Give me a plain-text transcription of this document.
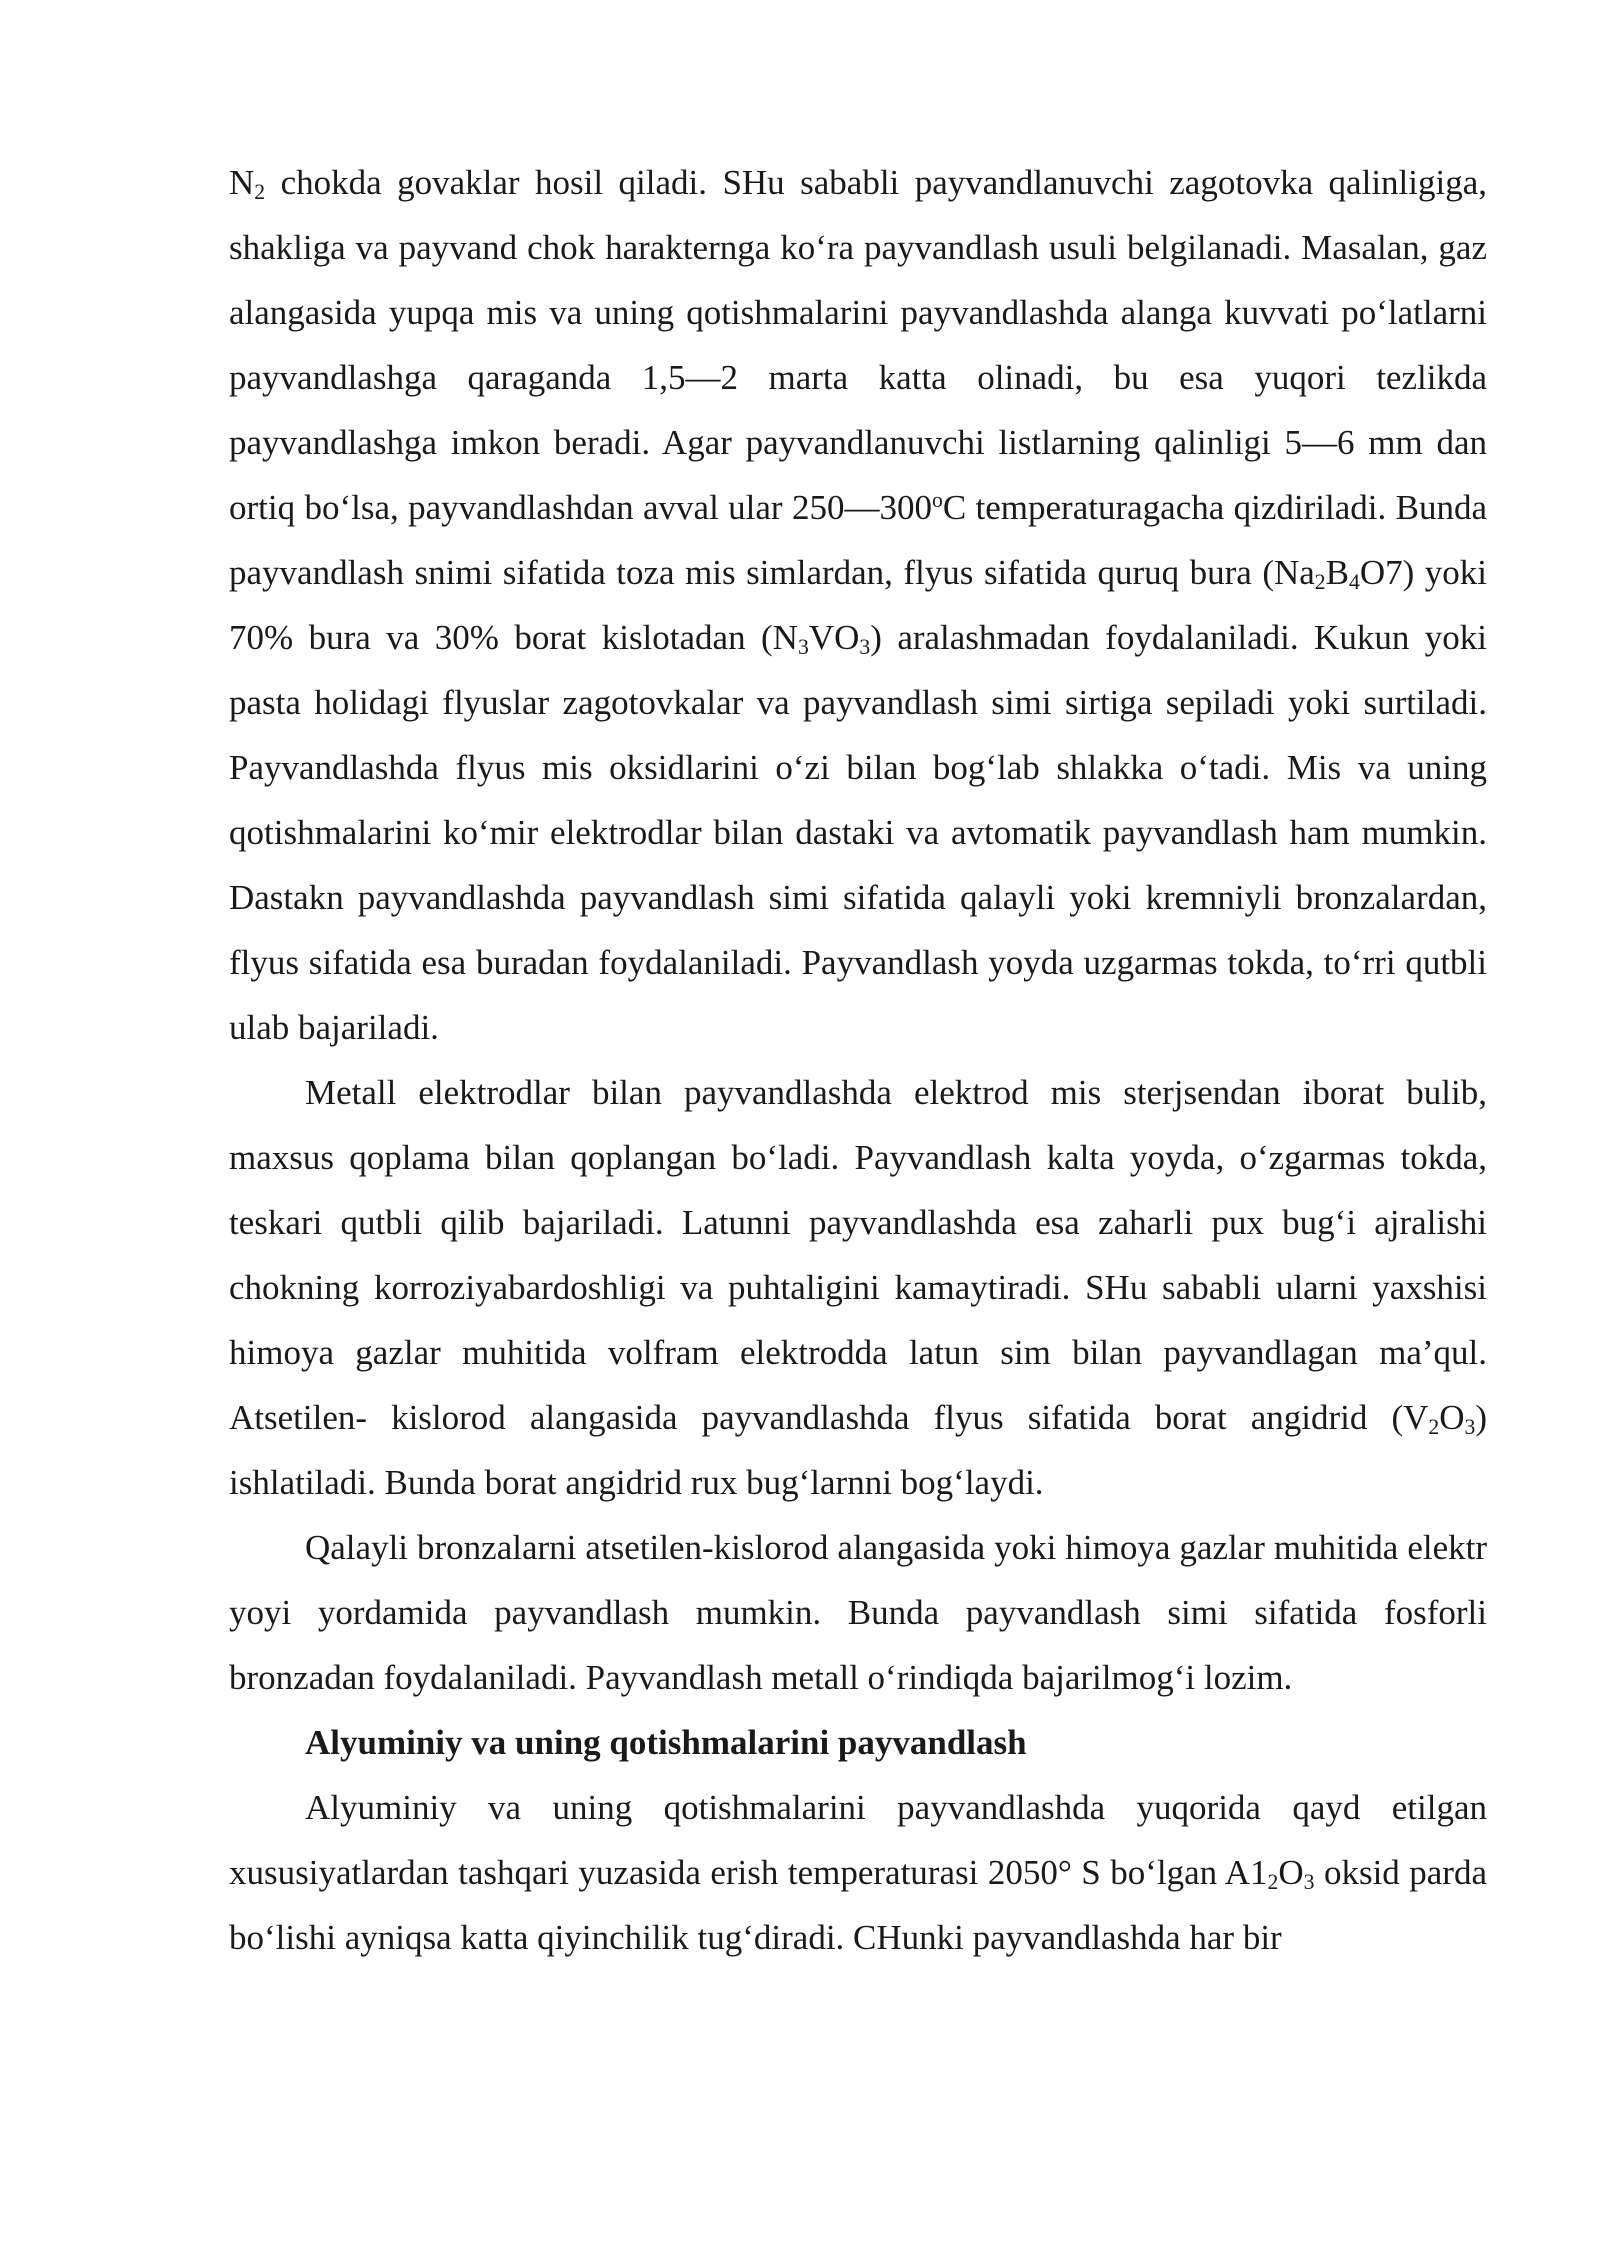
$N_2$ chokda govaklar hosil qiladi. SHu sababli payvandlanuvchi zagotovka qalinligiga, shakliga va payvand chok harakternga ko‘ra payvandlash usuli belgilanadi. Masalan, gaz alangasida yupqa mis va uning qotishmalarini payvandlashda alanga kuvvati po‘latlarni payvandlashga qaraganda 1,5—2 marta katta olinadi, bu esa yuqori tezlikda payvandlashga imkon beradi. Agar payvandlanuvchi listlarning qalinligi 5—6 mm dan ortiq bo‘lsa, payvandlashdan avval ular 250—300$^o$C temperaturagacha qizdiriladi. Bunda payvandlash snimi sifatida toza mis simlardan, flyus sifatida quruq bura $(Na_2B_4O7)$ yoki 70% bura va 30% borat kislotadan $(N_3VO_3)$ aralashmadan foydalaniladi. Kukun yoki pasta holidagi flyuslar zagotovkalar va payvandlash simi sirtiga sepiladi yoki surtiladi. Payvandlashda flyus mis oksidlarini o‘zi bilan bog‘lab shlakka o‘tadi. Mis va uning qotishmalarini ko‘mir elektrodlar bilan dastaki va avtomatik payvandlash ham mumkin. Dastakn payvandlashda payvandlash simi sifatida qalayli yoki kremniyli bronzalardan, flyus sifatida esa buradan foydalaniladi. Payvandlash yoyda uzgarmas tokda, to‘rri qutbli ulab bajariladi.

Metall elektrodlar bilan payvandlashda elektrod mis sterjsendan iborat bulib, maxsus qoplama bilan qoplangan bo‘ladi. Payvandlash kalta yoyda, o‘zgarmas tokda, teskari qutbli qilib bajariladi. Latunni payvandlashda esa zaharli pux bug‘i ajralishi chokning korroziyabardoshligi va puhtaligini kamaytiradi. SHu sababli ularni yaxshisi himoya gazlar muhitida volfram elektrodda latun sim bilan payvandlagan ma’qul. Atsetilen- kislorod alangasida payvandlashda flyus sifatida borat angidrid $(V_2O_3)$ ishlatiladi. Bunda borat angidrid rux bug‘larnni bog‘laydi.

Qalayli bronzalarni atsetilen-kislorod alangasida yoki himoya gazlar muhitida elektr yoyi yordamida payvandlash mumkin. Bunda payvandlash simi sifatida fosforli bronzadan foydalaniladi. Payvandlash metall o‘rindiqda bajarilmog‘i lozim.

Alyuminiy va uning qotishmalarini payvandlash

Alyuminiy va uning qotishmalarini payvandlashda yuqorida qayd etilgan xususiyatlardan tashqari yuzasida erish temperaturasi 2050° S bo‘lgan $A1_2O_3$ oksid parda bo‘lishi ayniqsa katta qiyinchilik tug‘diradi. CHunki payvandlashda har bir
